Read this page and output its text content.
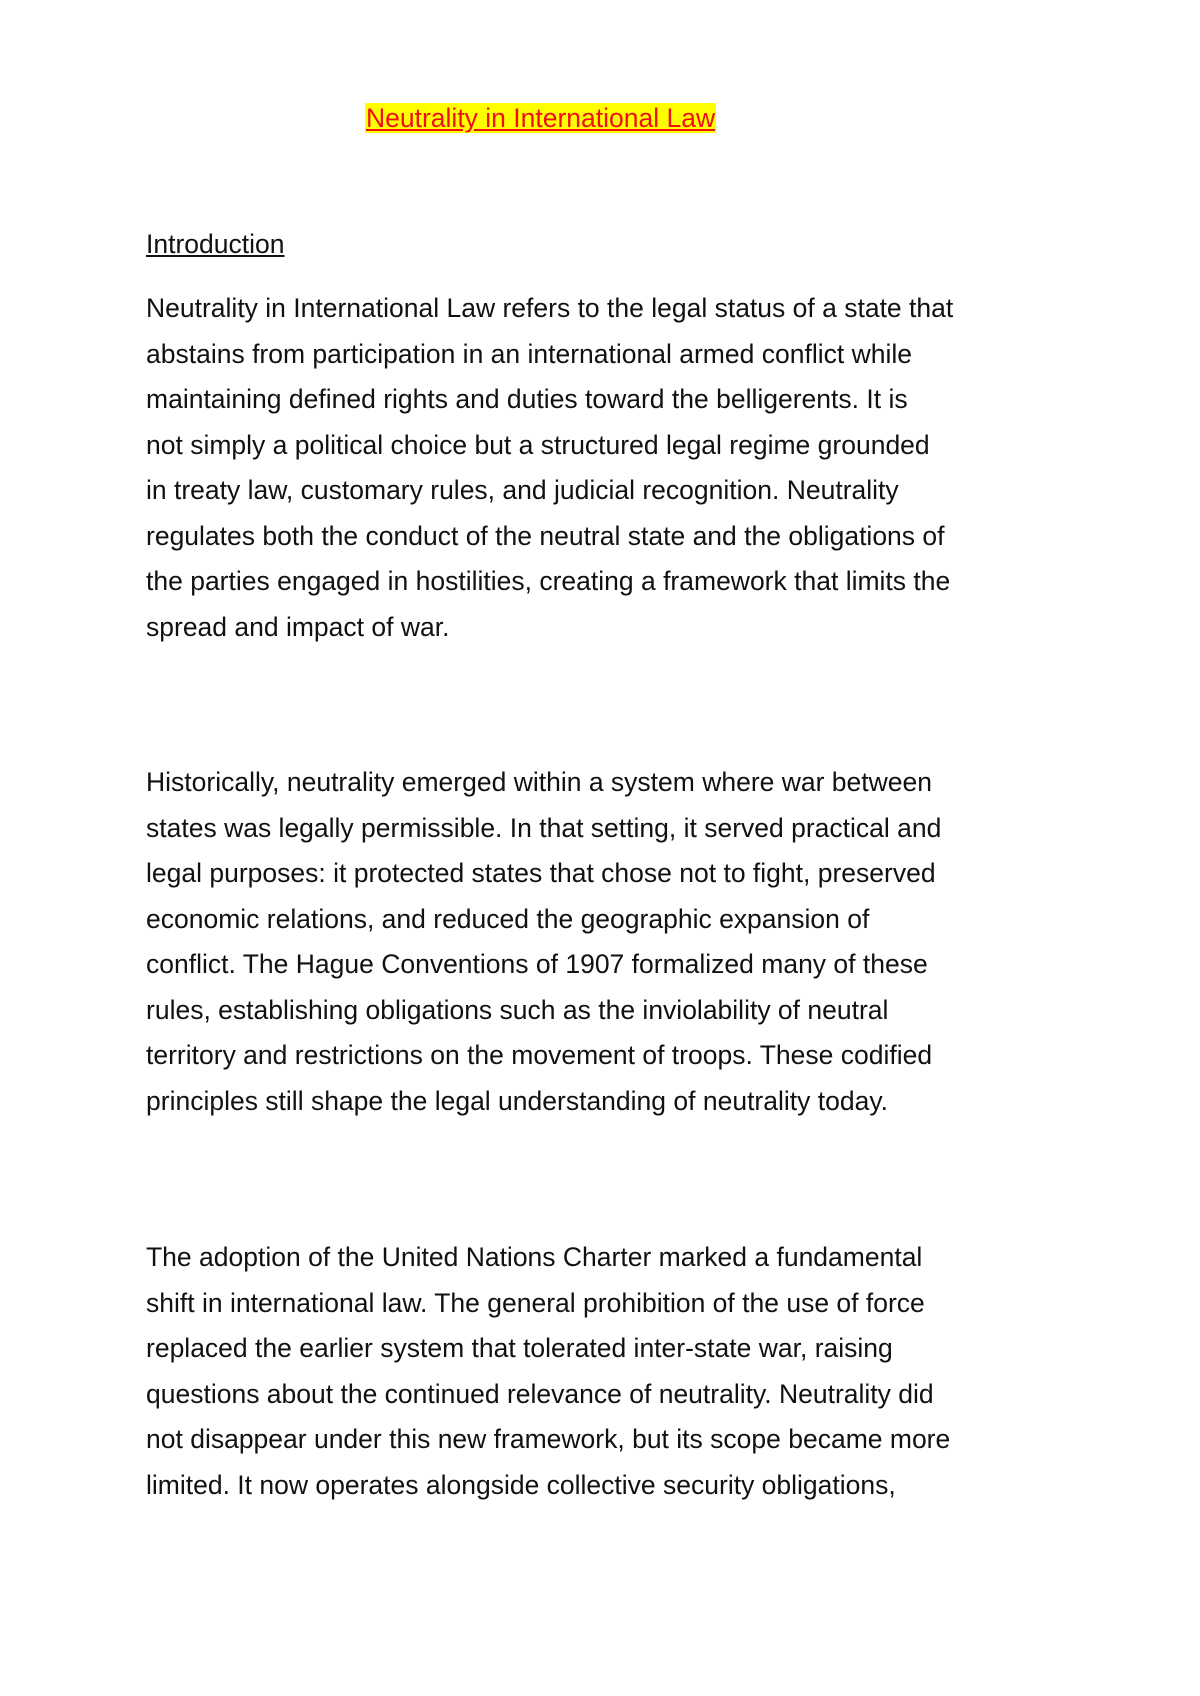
Neutrality in International Law
Introduction
Neutrality in International Law refers to the legal status of a state that
abstains from participation in an international armed conflict while
maintaining defined rights and duties toward the belligerents. It is
not simply a political choice but a structured legal regime grounded
in treaty law, customary rules, and judicial recognition. Neutrality
regulates both the conduct of the neutral state and the obligations of
the parties engaged in hostilities, creating a framework that limits the
spread and impact of war.
Historically, neutrality emerged within a system where war between
states was legally permissible. In that setting, it served practical and
legal purposes: it protected states that chose not to fight, preserved
economic relations, and reduced the geographic expansion of
conflict. The Hague Conventions of 1907 formalized many of these
rules, establishing obligations such as the inviolability of neutral
territory and restrictions on the movement of troops. These codified
principles still shape the legal understanding of neutrality today.
The adoption of the United Nations Charter marked a fundamental
shift in international law. The general prohibition of the use of force
replaced the earlier system that tolerated inter-state war, raising
questions about the continued relevance of neutrality. Neutrality did
not disappear under this new framework, but its scope became more
limited. It now operates alongside collective security obligations,
